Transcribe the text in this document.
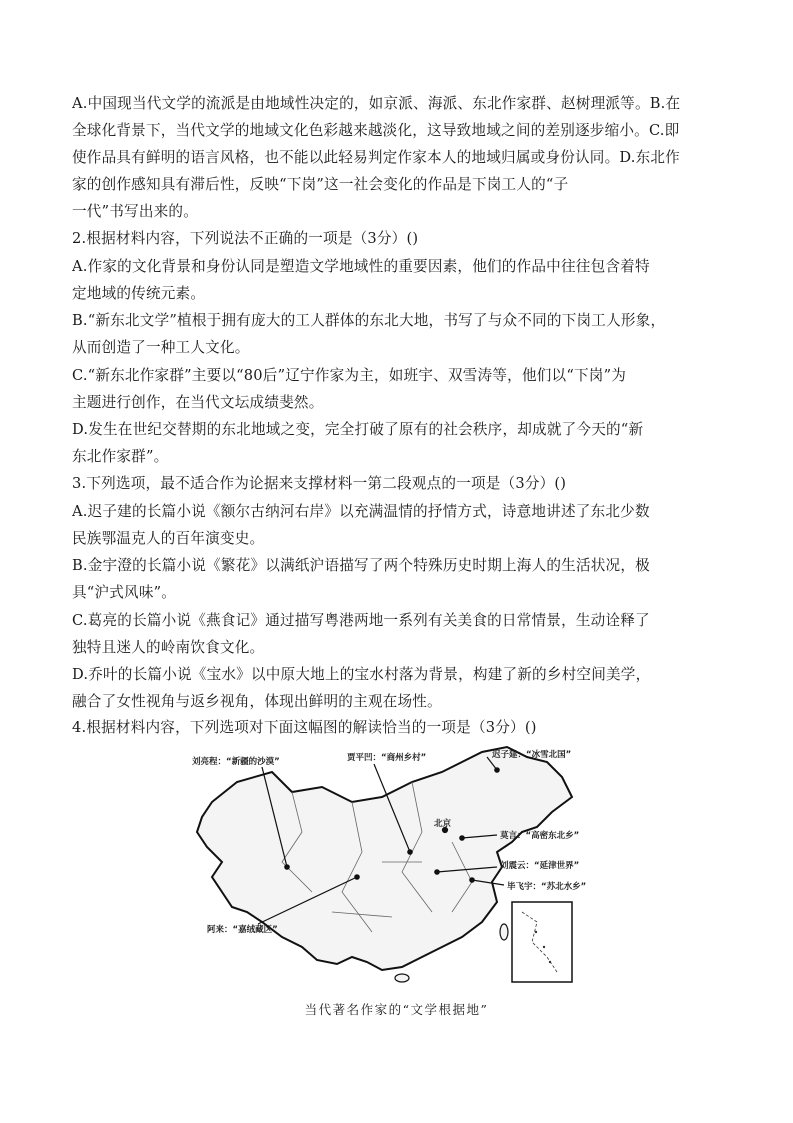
A.中国现当代文学的流派是由地域性决定的，如京派、海派、东北作家群、赵树理派等。B.在
全球化背景下，当代文学的地域文化色彩越来越淡化，这导致地域之间的差别逐步缩小。C.即
使作品具有鲜明的语言风格，也不能以此轻易判定作家本人的地域归属或身份认同。D.东北作
家的创作感知具有滞后性，反映“下岗”这一社会变化的作品是下岗工人的“子
一代”书写出来的。
2.根据材料内容，下列说法不正确的一项是（3分）()
A.作家的文化背景和身份认同是塑造文学地域性的重要因素，他们的作品中往往包含着特
定地域的传统元素。
B.“新东北文学”植根于拥有庞大的工人群体的东北大地，书写了与众不同的下岗工人形象，
从而创造了一种工人文化。
C.“新东北作家群”主要以“80后”辽宁作家为主，如班宇、双雪涛等，他们以“下岗”为
主题进行创作，在当代文坛成绩斐然。
D.发生在世纪交替期的东北地域之变，完全打破了原有的社会秩序，却成就了今天的“新
东北作家群”。
3.下列选项，最不适合作为论据来支撑材料一第二段观点的一项是（3分）()
A.迟子建的长篇小说《额尔古纳河右岸》以充满温情的抒情方式，诗意地讲述了东北少数
民族鄂温克人的百年演变史。
B.金宇澄的长篇小说《繁花》以满纸沪语描写了两个特殊历史时期上海人的生活状况，极
具“沪式风味”。
C.葛亮的长篇小说《燕食记》通过描写粤港两地一系列有关美食的日常情景，生动诠释了
独特且迷人的岭南饮食文化。
D.乔叶的长篇小说《宝水》以中原大地上的宝水村落为背景，构建了新的乡村空间美学，
融合了女性视角与返乡视角，体现出鲜明的主观在场性。
4.根据材料内容，下列选项对下面这幅图的解读恰当的一项是（3分）()
刘亮程：“新疆的沙漠”	贾平凹：“商州乡村”	迟子建：“冰雪北国”
北京
莫言：“高密东北乡”
刘震云：“延津世界”
毕飞宇：“苏北水乡”
阿来：“嘉绒藏区”
当代著名作家的“文学根据地”
